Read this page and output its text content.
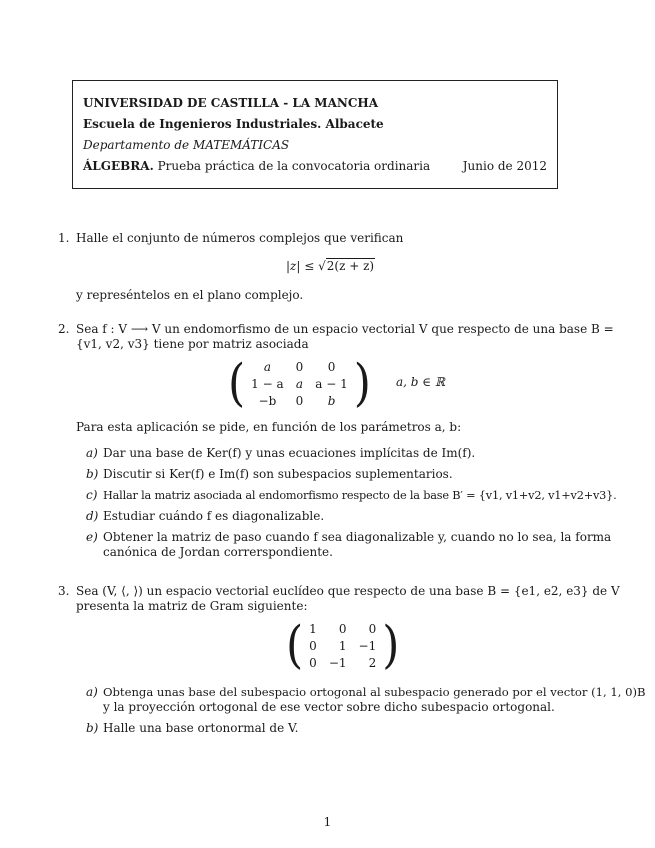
UNIVERSIDAD DE CASTILLA - LA MANCHA
Escuela de Ingenieros Industriales. Albacete
Departamento de MATEMÁTICAS
ÁLGEBRA. Prueba práctica de la convocatoria ordinaria	Junio de 2012
1. Halle el conjunto de números complejos que verifican
|z| ≤ √2(z + z)
y represéntelos en el plano complejo.
2. Sea f : V ⟶ V un endomorfismo de un espacio vectorial V que respecto de una base B =
{v1, v2, v3} tiene por matriz asociada
( a	0	0
1 − a	a	a − 1
−b	0	b ) a, b ∈ ℝ
Para esta aplicación se pide, en función de los parámetros a, b:
a) Dar una base de Ker(f) y unas ecuaciones implícitas de Im(f).
b) Discutir si Ker(f) e Im(f) son subespacios suplementarios.
c) Hallar la matriz asociada al endomorfismo respecto de la base B′ = {v1, v1+v2, v1+v2+v3}.
d) Estudiar cuándo f es diagonalizable.
e) Obtener la matriz de paso cuando f sea diagonalizable y, cuando no lo sea, la forma
canónica de Jordan correrspondiente.
3. Sea (V, ⟨, ⟩) un espacio vectorial euclídeo que respecto de una base B = {e1, e2, e3} de V
presenta la matriz de Gram siguiente:
( 1	0	0
0	1	−1
0	−1	2 )
a) Obtenga unas base del subespacio ortogonal al subespacio generado por el vector (1, 1, 0)B
y la proyección ortogonal de ese vector sobre dicho subespacio ortogonal.
b) Halle una base ortonormal de V.
1
